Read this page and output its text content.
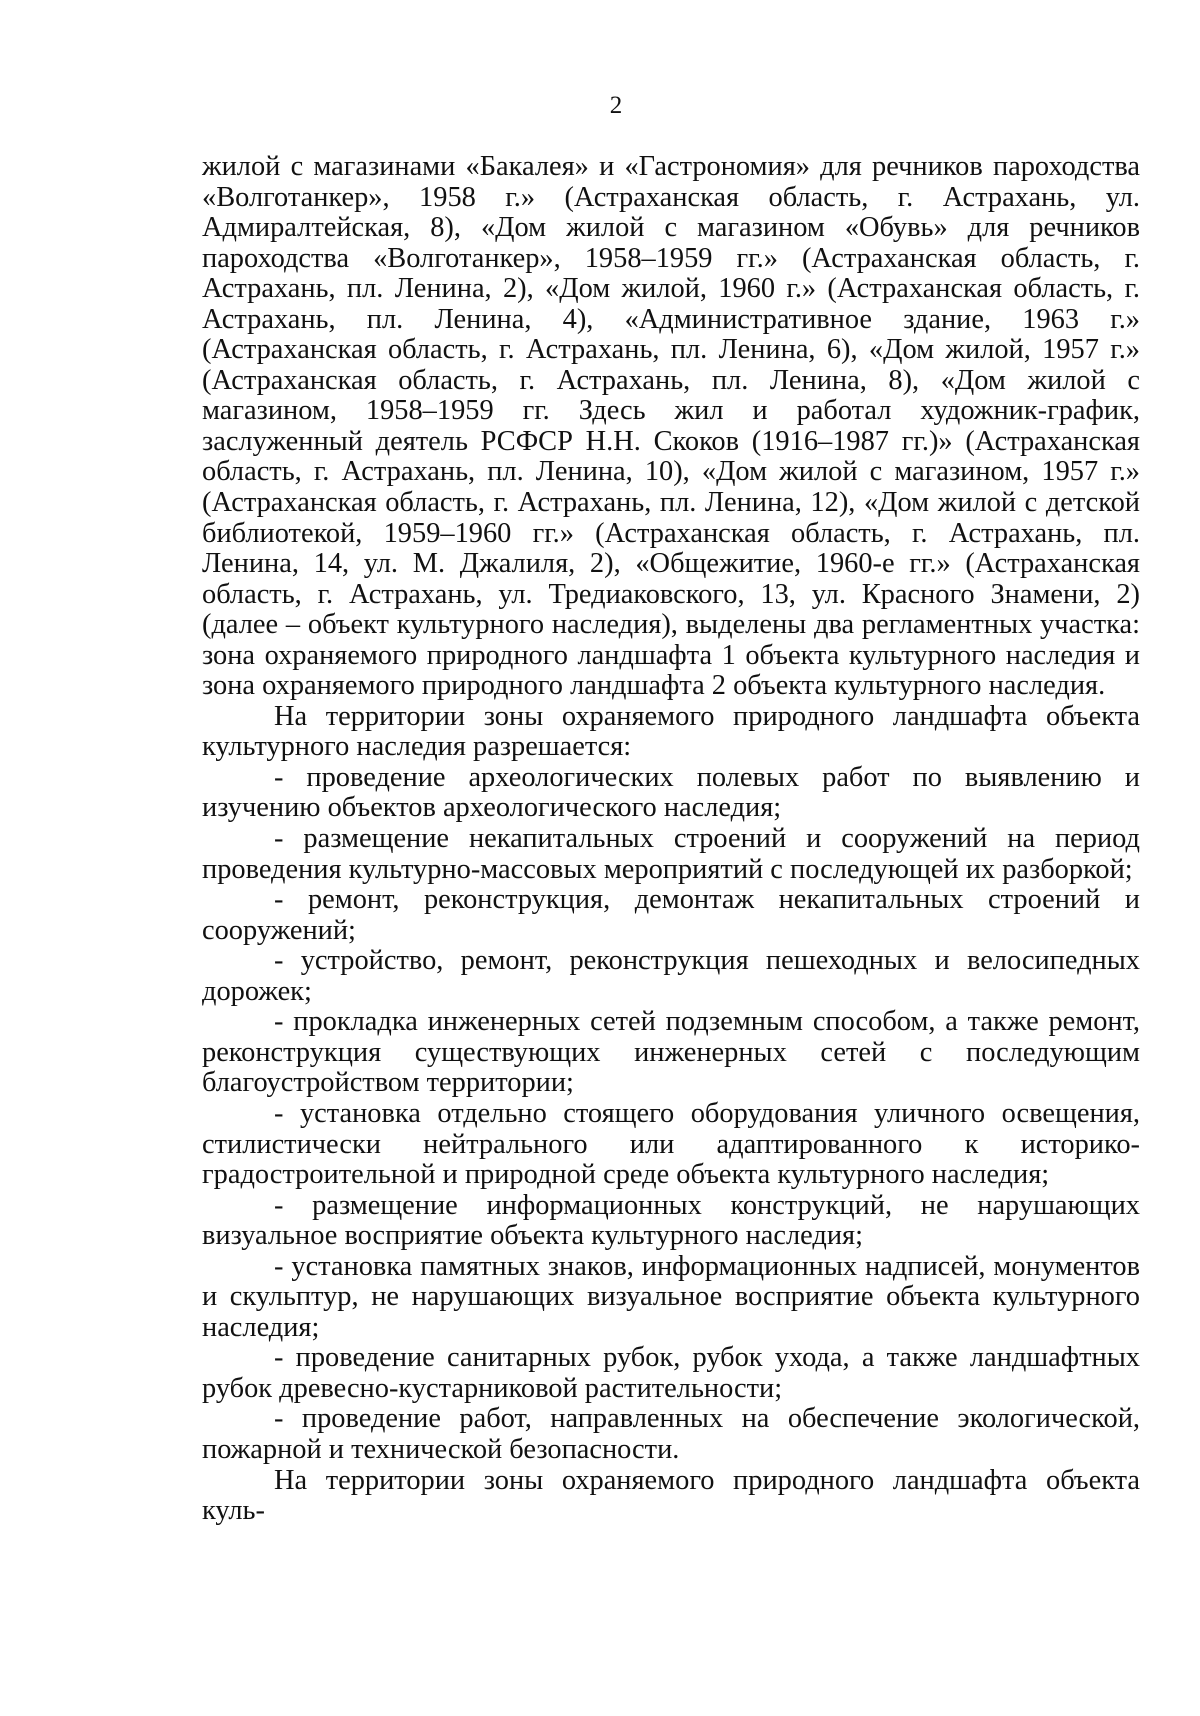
2

жилой с магазинами «Бакалея» и «Гастрономия» для речников пароходства «Волготанкер», 1958 г.» (Астраханская область, г. Астрахань, ул. Адмиралтейская, 8), «Дом жилой с магазином «Обувь» для речников пароходства «Волготанкер», 1958–1959 гг.» (Астраханская область, г. Астрахань, пл. Ленина, 2), «Дом жилой, 1960 г.» (Астраханская область, г. Астрахань, пл. Ленина, 4), «Административное здание, 1963 г.» (Астраханская область, г. Астрахань, пл. Ленина, 6), «Дом жилой, 1957 г.» (Астраханская область, г. Астрахань, пл. Ленина, 8), «Дом жилой с магазином, 1958–1959 гг. Здесь жил и работал художник-график, заслуженный деятель РСФСР Н.Н. Скоков (1916–1987 гг.)» (Астраханская область, г. Астрахань, пл. Ленина, 10), «Дом жилой с магазином, 1957 г.» (Астраханская область, г. Астрахань, пл. Ленина, 12), «Дом жилой с детской библиотекой, 1959–1960 гг.» (Астраханская область, г. Астрахань, пл. Ленина, 14, ул. М. Джалиля, 2), «Общежитие, 1960-е гг.» (Астраханская область, г. Астрахань, ул. Тредиаковского, 13, ул. Красного Знамени, 2) (далее – объект культурного наследия), выделены два регламентных участка: зона охраняемого природного ландшафта 1 объекта культурного наследия и зона охраняемого природного ландшафта 2 объекта культурного наследия.

На территории зоны охраняемого природного ландшафта объекта культурного наследия разрешается:

- проведение археологических полевых работ по выявлению и изучению объектов археологического наследия;

- размещение некапитальных строений и сооружений на период проведения культурно-массовых мероприятий с последующей их разборкой;

- ремонт, реконструкция, демонтаж некапитальных строений и сооружений;

- устройство, ремонт, реконструкция пешеходных и велосипедных дорожек;

- прокладка инженерных сетей подземным способом, а также ремонт, реконструкция существующих инженерных сетей с последующим благоустройством территории;

- установка отдельно стоящего оборудования уличного освещения, стилистически нейтрального или адаптированного к историко-градостроительной и природной среде объекта культурного наследия;

- размещение информационных конструкций, не нарушающих визуальное восприятие объекта культурного наследия;

- установка памятных знаков, информационных надписей, монументов и скульптур, не нарушающих визуальное восприятие объекта культурного наследия;

- проведение санитарных рубок, рубок ухода, а также ландшафтных рубок древесно-кустарниковой растительности;

- проведение работ, направленных на обеспечение экологической, пожарной и технической безопасности.

На территории зоны охраняемого природного ландшафта объекта куль-
